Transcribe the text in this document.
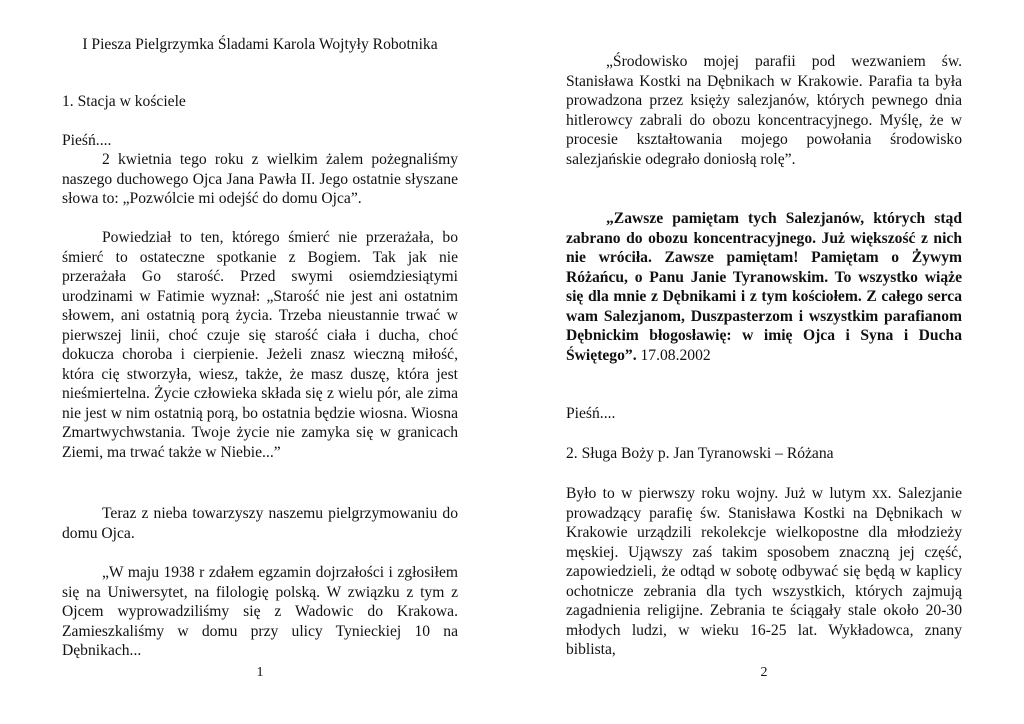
I Piesza Pielgrzymka Śladami Karola Wojtyły Robotnika

1. Stacja w kościele

Pieśń....

2 kwietnia tego roku z wielkim żalem pożegnaliśmy naszego duchowego Ojca Jana Pawła II. Jego ostatnie słyszane słowa to: „Pozwólcie mi odejść do domu Ojca”.

Powiedział to ten, którego śmierć nie przerażała, bo śmierć to ostateczne spotkanie z Bogiem. Tak jak nie przerażała Go starość. Przed swymi osiemdziesiątymi urodzinami w Fatimie wyznał: „Starość nie jest ani ostatnim słowem, ani ostatnią porą życia. Trzeba nieustannie trwać w pierwszej linii, choć czuje się starość ciała i ducha, choć dokucza choroba i cierpienie. Jeżeli znasz wieczną miłość, która cię stworzyła, wiesz, także, że masz duszę, która jest nieśmiertelna. Życie człowieka składa się z wielu pór, ale zima nie jest w nim ostatnią porą, bo ostatnia będzie wiosna. Wiosna Zmartwychwstania. Twoje życie nie zamyka się w granicach Ziemi, ma trwać także w Niebie...”

Teraz z nieba towarzyszy naszemu pielgrzymowaniu do domu Ojca.

„W maju 1938 r zdałem egzamin dojrzałości i zgłosiłem się na Uniwersytet, na filologię polską. W związku z tym z Ojcem wyprowadziliśmy się z Wadowic do Krakowa. Zamieszkaliśmy w domu przy ulicy Tynieckiej 10 na Dębnikach...

1

„Środowisko mojej parafii pod wezwaniem św. Stanisława Kostki na Dębnikach w Krakowie. Parafia ta była prowadzona przez księży salezjanów, których pewnego dnia hitlerowcy zabrali do obozu koncentracyjnego. Myślę, że w procesie kształtowania mojego powołania środowisko salezjańskie odegrało doniosłą rolę”.

„Zawsze pamiętam tych Salezjanów, których stąd zabrano do obozu koncentracyjnego. Już większość z nich nie wróciła. Zawsze pamiętam! Pamiętam o Żywym Różańcu, o Panu Janie Tyranowskim. To wszystko wiąże się dla mnie z Dębnikami i z tym kościołem. Z całego serca wam Salezjanom, Duszpasterzom i wszystkim parafianom Dębnickim błogosławię: w imię Ojca i Syna i Ducha Świętego”. 17.08.2002

Pieśń....

2. Sługa Boży p. Jan Tyranowski – Różana

Było to w pierwszy roku wojny. Już w lutym xx. Salezjanie prowadzący parafię św. Stanisława Kostki na Dębnikach w Krakowie urządzili rekolekcje wielkopostne dla młodzieży męskiej. Ująwszy zaś takim sposobem znaczną jej część, zapowiedzieli, że odtąd w sobotę odbywać się będą w kaplicy ochotnicze zebrania dla tych wszystkich, których zajmują zagadnienia religijne. Zebrania te ściągały stale około 20-30 młodych ludzi, w wieku 16-25 lat. Wykładowca, znany biblista,

2
